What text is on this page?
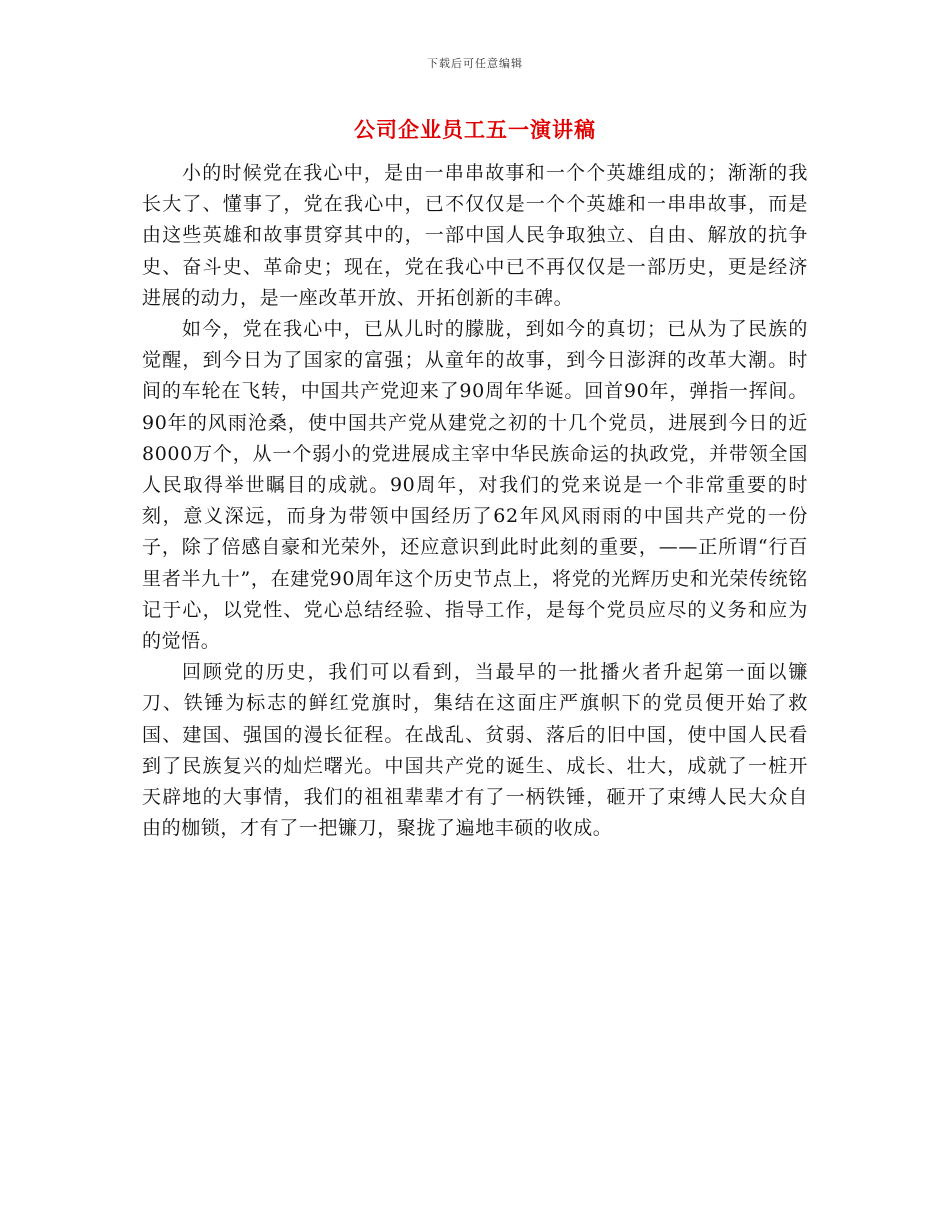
下载后可任意编辑
公司企业员工五一演讲稿

小的时候党在我心中，是由一串串故事和一个个英雄组成的；渐渐的我长大了、懂事了，党在我心中，已不仅仅是一个个英雄和一串串故事，而是由这些英雄和故事贯穿其中的，一部中国人民争取独立、自由、解放的抗争史、奋斗史、革命史；现在，党在我心中已不再仅仅是一部历史，更是经济进展的动力，是一座改革开放、开拓创新的丰碑。

如今，党在我心中，已从儿时的朦胧，到如今的真切；已从为了民族的觉醒，到今日为了国家的富强；从童年的故事，到今日澎湃的改革大潮。时间的车轮在飞转，中国共产党迎来了90周年华诞。回首90年，弹指一挥间。90年的风雨沧桑，使中国共产党从建党之初的十几个党员，进展到今日的近8000万个，从一个弱小的党进展成主宰中华民族命运的执政党，并带领全国人民取得举世瞩目的成就。90周年，对我们的党来说是一个非常重要的时刻，意义深远，而身为带领中国经历了62年风风雨雨的中国共产党的一份子，除了倍感自豪和光荣外，还应意识到此时此刻的重要，——正所谓“行百里者半九十”，在建党90周年这个历史节点上，将党的光辉历史和光荣传统铭记于心，以党性、党心总结经验、指导工作，是每个党员应尽的义务和应为的觉悟。

回顾党的历史，我们可以看到，当最早的一批播火者升起第一面以镰刀、铁锤为标志的鲜红党旗时，集结在这面庄严旗帜下的党员便开始了救国、建国、强国的漫长征程。在战乱、贫弱、落后的旧中国，使中国人民看到了民族复兴的灿烂曙光。中国共产党的诞生、成长、壮大，成就了一桩开天辟地的大事情，我们的祖祖辈辈才有了一柄铁锤，砸开了束缚人民大众自由的枷锁，才有了一把镰刀，聚拢了遍地丰硕的收成。
